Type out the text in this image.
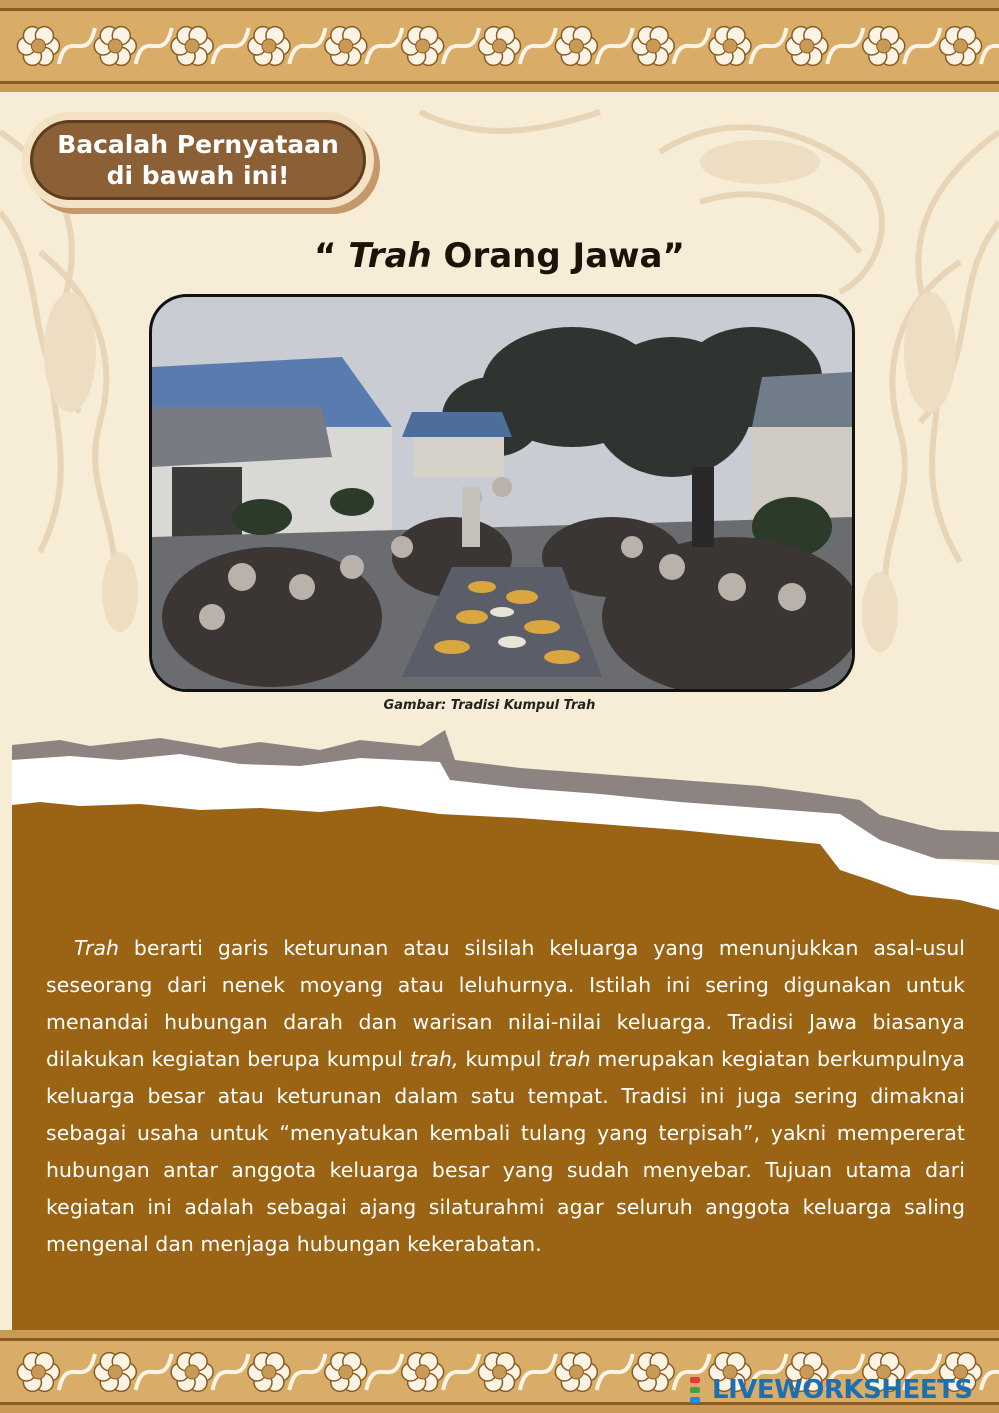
Bacalah Pernyataan
di bawah ini!
“ Trah Orang Jawa”
Gambar: Tradisi Kumpul Trah

Trah berarti garis keturunan atau silsilah keluarga yang menunjukkan asal-usul seseorang dari nenek moyang atau leluhurnya. Istilah ini sering digunakan untuk menandai hubungan darah dan warisan nilai-nilai keluarga. Tradisi Jawa biasanya dilakukan kegiatan berupa kumpul trah, kumpul trah merupakan kegiatan berkumpulnya keluarga besar atau keturunan dalam satu tempat. Tradisi ini juga sering dimaknai sebagai usaha untuk “menyatukan kembali tulang yang terpisah”, yakni mempererat hubungan antar anggota keluarga besar yang sudah menyebar. Tujuan utama dari kegiatan ini adalah sebagai ajang silaturahmi agar seluruh anggota keluarga saling mengenal dan menjaga hubungan kekerabatan.

LIVEWORKSHEETS
